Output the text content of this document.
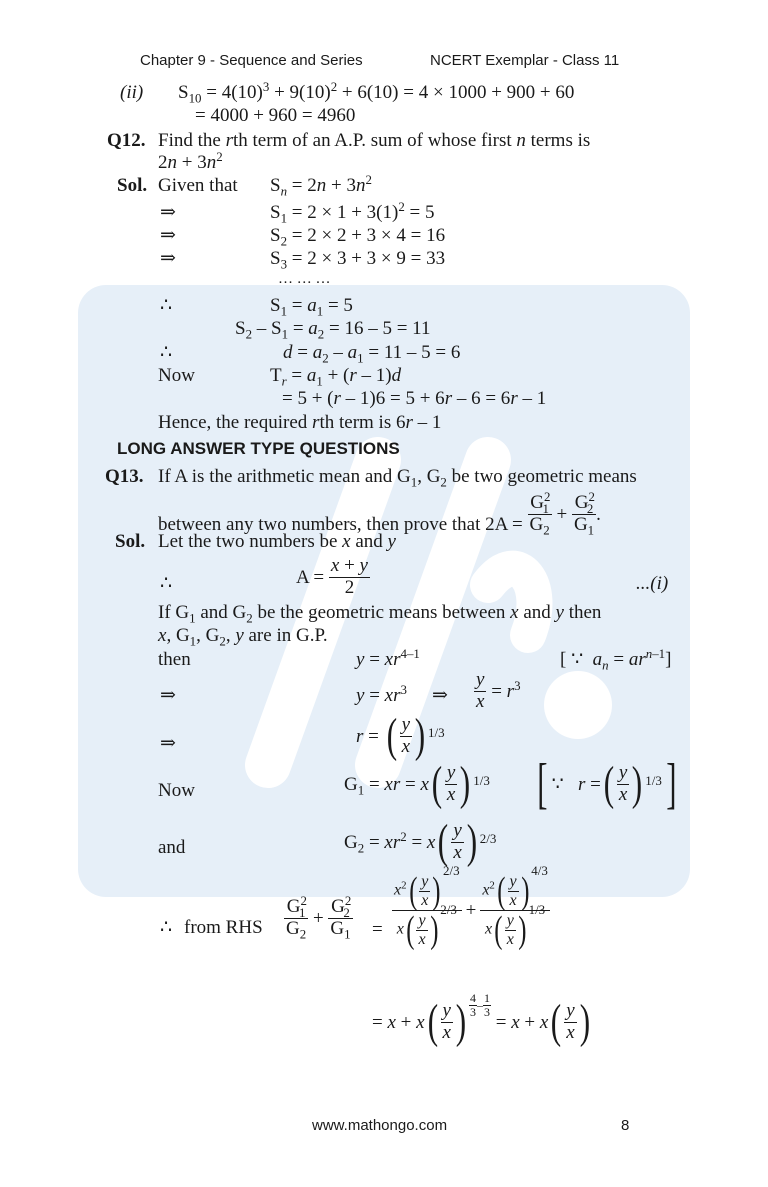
Chapter 9 - Sequence and Series	NCERT Exemplar - Class 11
(ii) $S_{10} = 4(10)^3 + 9(10)^2 + 6(10) = 4 \times 1000 + 900 + 60$
= 4000 + 960 = 4960
Q12. Find the rth term of an A.P. sum of whose first n terms is
$2n + 3n^2$
Sol. Given that $S_n = 2n + 3n^2$
⇒	$S_1 = 2 \times 1 + 3(1)^2 = 5$
⇒	$S_2 = 2 \times 2 + 3 \times 4 = 16$
⇒	$S_3 = 2 \times 3 + 3 \times 9 = 33$
… … …
∴	$S_1 = a_1 = 5$
$S_2 - S_1 = a_2 = 16 - 5 = 11$
∴	$d = a_2 - a_1 = 11 - 5 = 6$
Now	$T_r = a_1 + (r - 1)d$
= 5 + (r – 1)6 = 5 + 6r – 6 = 6r – 1
Hence, the required rth term is 6r – 1
LONG ANSWER TYPE QUESTIONS
Q13. If A is the arithmetic mean and $G_1$, $G_2$ be two geometric means
between any two numbers, then prove that $2A = \frac{G^2_1}{G_2} + \frac{G^2_2}{G_1}$ .
Sol. Let the two numbers be x and y
∴	$A = \frac{x + y}{2}$	...(i)
If $G_1$ and $G_2$ be the geometric means between x and y then
x, $G_1$, $G_2$, y are in G.P.
then	$y = xr^{4-1}$	[ ∵  $a_n = ar^{n-1}$]
⇒	$y = xr^3$ ⇒ $\frac{y}{x} = r^3$
⇒	r = ( $\frac{y}{x}$ ) 1/3
Now	$G_1$ = xr = x ( $\frac{y}{x}$ ) 1/3 [ ∵   r = ( $\frac{y}{x}$ ) 1/3 ]
and	$G_2 = xr^2 = x$ ( $\frac{y}{x}$ ) 2/3
∴ from RHS $\frac{G^2_1}{G_2} + \frac{G^2_2}{G_1} = \frac{x^2( \frac{y}{x} ) 2/3}{x( \frac{y}{x} ) 2/3} + \frac{x^2( \frac{y}{x} ) 4/3}{x( \frac{y}{x} ) 1/3}$
= x + x ( $\frac{y}{x}$ ) 4
3 –
1
3 = x + x ( $\frac{y}{x}$ )
www.mathongo.com	8
